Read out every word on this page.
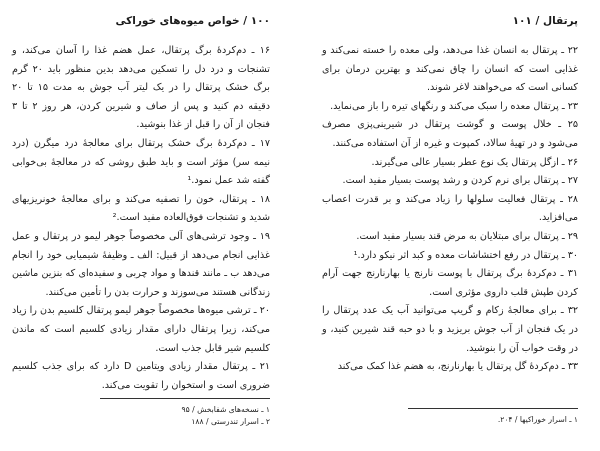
پرتقال / ۱۰۱

۲۲ ـ پرتقال به انسان غذا می‌دهد، ولی معده را خسته نمی‌کند و غذایی است که انسان را چاق نمی‌کند و بهترین درمان برای کسانی است که می‌خواهند لاغر شوند.

۲۳ ـ پرتقال معده را سبک می‌کند و رنگهای تیره را باز می‌نماید.

۲۵ ـ خلال پوست و گوشت پرتقال در شیرینی‌پزی مصرف می‌شود و در تهیهٔ سالاد، کمپوت و غیره از آن استفاده می‌کنند.

۲۶ ـ ازگل پرتقال یک نوع عطر بسیار عالی می‌گیرند.

۲۷ ـ پرتقال برای نرم کردن و رشد پوست بسیار مفید است.

۲۸ ـ پرتقال فعالیت سلولها را زیاد می‌کند و بر قدرت اعصاب می‌افزاید.

۲۹ ـ پرتقال برای مبتلایان به مرض قند بسیار مفید است.

۳۰ ـ پرتقال در رفع اختشاشات معده و کبد اثر نیکو دارد.¹

۳۱ ـ دم‌کردهٔ برگ پرتقال با پوست نارنج یا بهارنارنج جهت آرام کردن طپش قلب داروی مؤثری است.

۳۲ ـ برای معالجهٔ زکام و گریپ می‌توانید آب یک عدد پرتقال را در یک فنجان از آب جوش بریزید و با دو حبه قند شیرین کنید، و در وقت خواب آن را بنوشید.

۳۳ ـ دم‌کردهٔ گل پرتقال یا بهارنارنج، به هضم غذا کمک می‌کند

۱ ـ اسرار خوراکیها / ۲۰۴.
۱۰۰ / خواص میوه‌های خوراکی

۱۶ ـ دم‌کردهٔ برگ پرتقال، عمل هضم غذا را آسان می‌کند، و تشنجات و درد دل را تسکین می‌دهد بدین منظور باید ۲۰ گرم برگ خشک پرتقال را در یک لیتر آب جوش به مدت ۱۵ تا ۲۰ دقیقه دم کنید و پس از صاف و شیرین کردن، هر روز ۲ تا ۳ فنجان از آن را قبل از غذا بنوشید.

۱۷ ـ دم‌کردهٔ برگ خشک پرتقال برای معالجهٔ درد میگرن (درد نیمه سر) مؤثر است و باید طبق روشی که در معالجهٔ بی‌خوابی گفته شد عمل نمود.¹

۱۸ ـ پرتقال، خون را تصفیه می‌کند و برای معالجهٔ خونریزیهای شدید و تشنجات فوق‌العاده مفید است.²

۱۹ ـ وجود ترشی‌های آلی مخصوصاً جوهر لیمو در پرتقال و عمل غذایی انجام می‌دهد از قبیل: الف ـ وظیفهٔ شیمیایی خود را انجام می‌دهد ب ـ مانند قندها و مواد چربی و سفیده‌ای که بنزین ماشین زندگانی هستند می‌سوزند و حرارت بدن را تأمین می‌کنند.

۲۰ ـ ترشی میوه‌ها مخصوصاً جوهر لیمو پرتقال کلسیم بدن را زیاد می‌کند، زیرا پرتقال دارای مقدار زیادی کلسیم است که ماندن کلسیم شیر قابل جذب است.

۲۱ ـ پرتقال مقدار زیادی ویتامین D دارد که برای جذب کلسیم ضروری است و استخوان را تقویت می‌کند.

۱ ـ نسخه‌های شفابخش / ۹۵
۲ ـ اسرار تندرستی / ۱۸۸
